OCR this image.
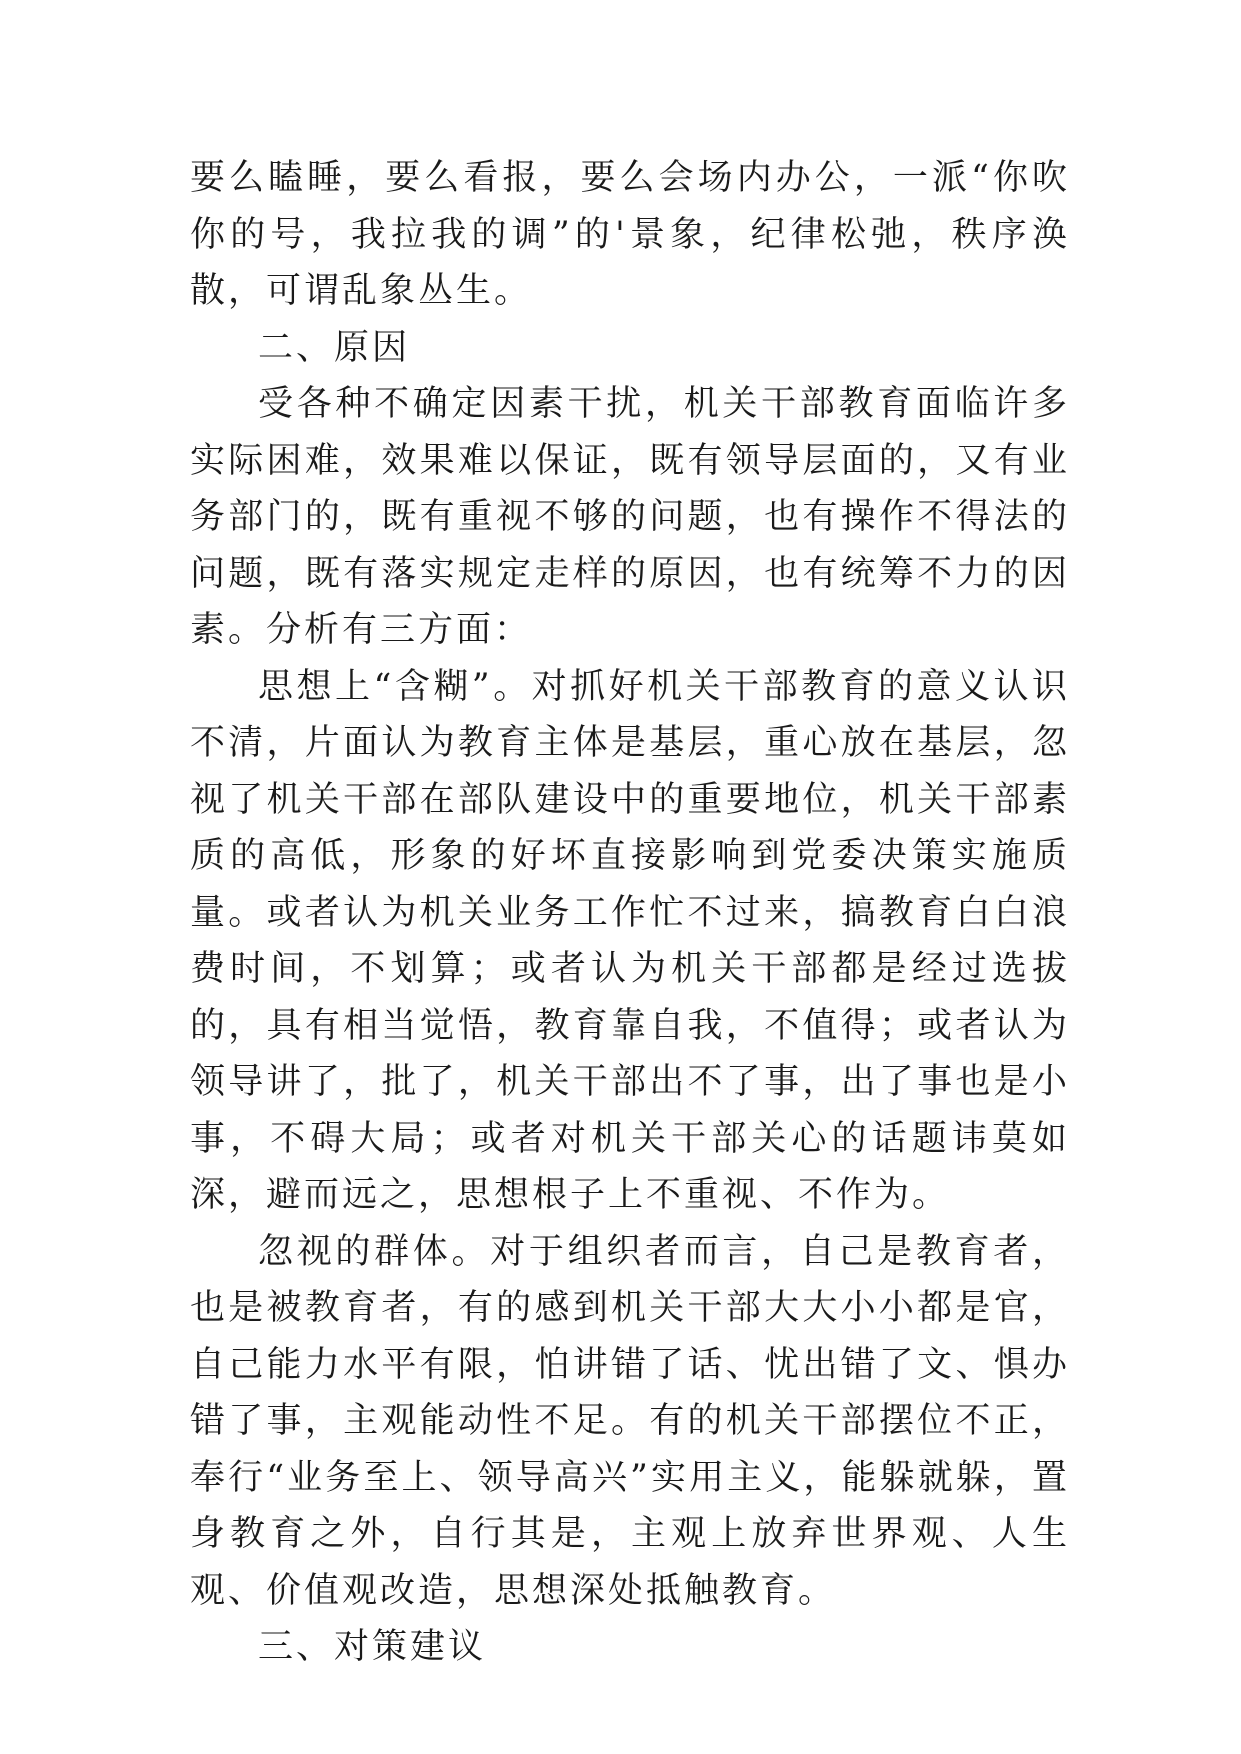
要么瞌睡，要么看报，要么会场内办公，一派“你吹你的号，我拉我的调”的'景象，纪律松弛，秩序涣散，可谓乱象丛生。

二、原因

受各种不确定因素干扰，机关干部教育面临许多实际困难，效果难以保证，既有领导层面的，又有业务部门的，既有重视不够的问题，也有操作不得法的问题，既有落实规定走样的原因，也有统筹不力的因素。分析有三方面：

思想上“含糊”。对抓好机关干部教育的意义认识不清，片面认为教育主体是基层，重心放在基层，忽视了机关干部在部队建设中的重要地位，机关干部素质的高低，形象的好坏直接影响到党委决策实施质量。或者认为机关业务工作忙不过来，搞教育白白浪费时间，不划算；或者认为机关干部都是经过选拔的，具有相当觉悟，教育靠自我，不值得；或者认为领导讲了，批了，机关干部出不了事，出了事也是小事，不碍大局；或者对机关干部关心的话题讳莫如深，避而远之，思想根子上不重视、不作为。

忽视的群体。对于组织者而言，自己是教育者，也是被教育者，有的感到机关干部大大小小都是官，自己能力水平有限，怕讲错了话、忧出错了文、惧办错了事，主观能动性不足。有的机关干部摆位不正，奉行“业务至上、领导高兴”实用主义，能躲就躲，置身教育之外，自行其是，主观上放弃世界观、人生观、价值观改造，思想深处抵触教育。

三、对策建议
